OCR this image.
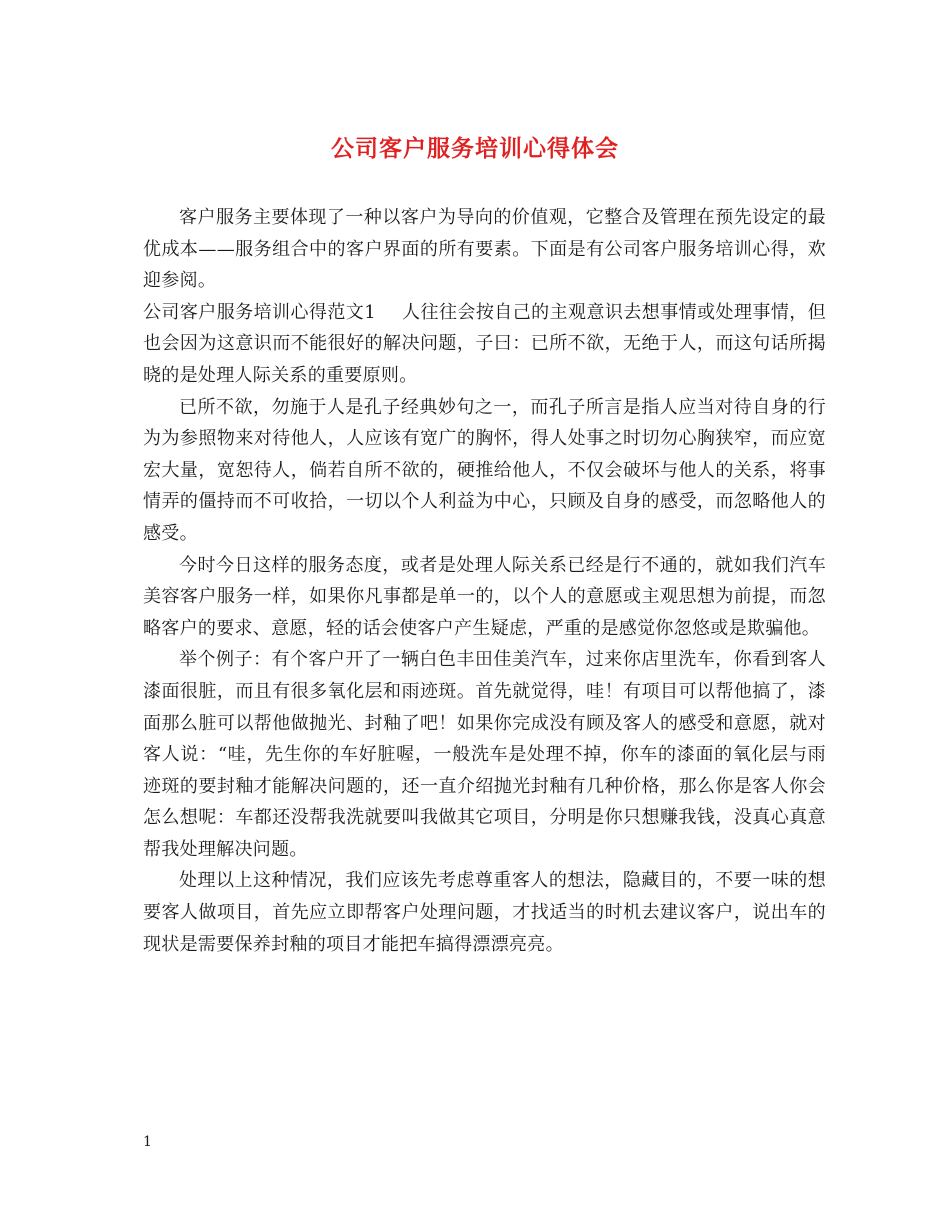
公司客户服务培训心得体会

客户服务主要体现了一种以客户为导向的价值观，它整合及管理在预先设定的最优成本——服务组合中的客户界面的所有要素。下面是有公司客户服务培训心得，欢迎参阅。

公司客户服务培训心得范文1 人往往会按自己的主观意识去想事情或处理事情，但也会因为这意识而不能很好的解决问题，子曰：已所不欲，无绝于人，而这句话所揭晓的是处理人际关系的重要原则。

已所不欲，勿施于人是孔子经典妙句之一，而孔子所言是指人应当对待自身的行为为参照物来对待他人，人应该有宽广的胸怀，得人处事之时切勿心胸狭窄，而应宽宏大量，宽恕待人，倘若自所不欲的，硬推给他人，不仅会破坏与他人的关系，将事情弄的僵持而不可收拾，一切以个人利益为中心，只顾及自身的感受，而忽略他人的感受。

今时今日这样的服务态度，或者是处理人际关系已经是行不通的，就如我们汽车美容客户服务一样，如果你凡事都是单一的，以个人的意愿或主观思想为前提，而忽略客户的要求、意愿，轻的话会使客户产生疑虑，严重的是感觉你忽悠或是欺骗他。

举个例子：有个客户开了一辆白色丰田佳美汽车，过来你店里洗车，你看到客人漆面很脏，而且有很多氧化层和雨迹斑。首先就觉得，哇！有项目可以帮他搞了，漆面那么脏可以帮他做抛光、封釉了吧！如果你完成没有顾及客人的感受和意愿，就对客人说：“哇，先生你的车好脏喔，一般洗车是处理不掉，你车的漆面的氧化层与雨迹斑的要封釉才能解决问题的，还一直介绍抛光封釉有几种价格，那么你是客人你会怎么想呢：车都还没帮我洗就要叫我做其它项目，分明是你只想赚我钱，没真心真意帮我处理解决问题。

处理以上这种情况，我们应该先考虑尊重客人的想法，隐藏目的，不要一味的想要客人做项目，首先应立即帮客户处理问题，才找适当的时机去建议客户，说出车的现状是需要保养封釉的项目才能把车搞得漂漂亮亮。

1
